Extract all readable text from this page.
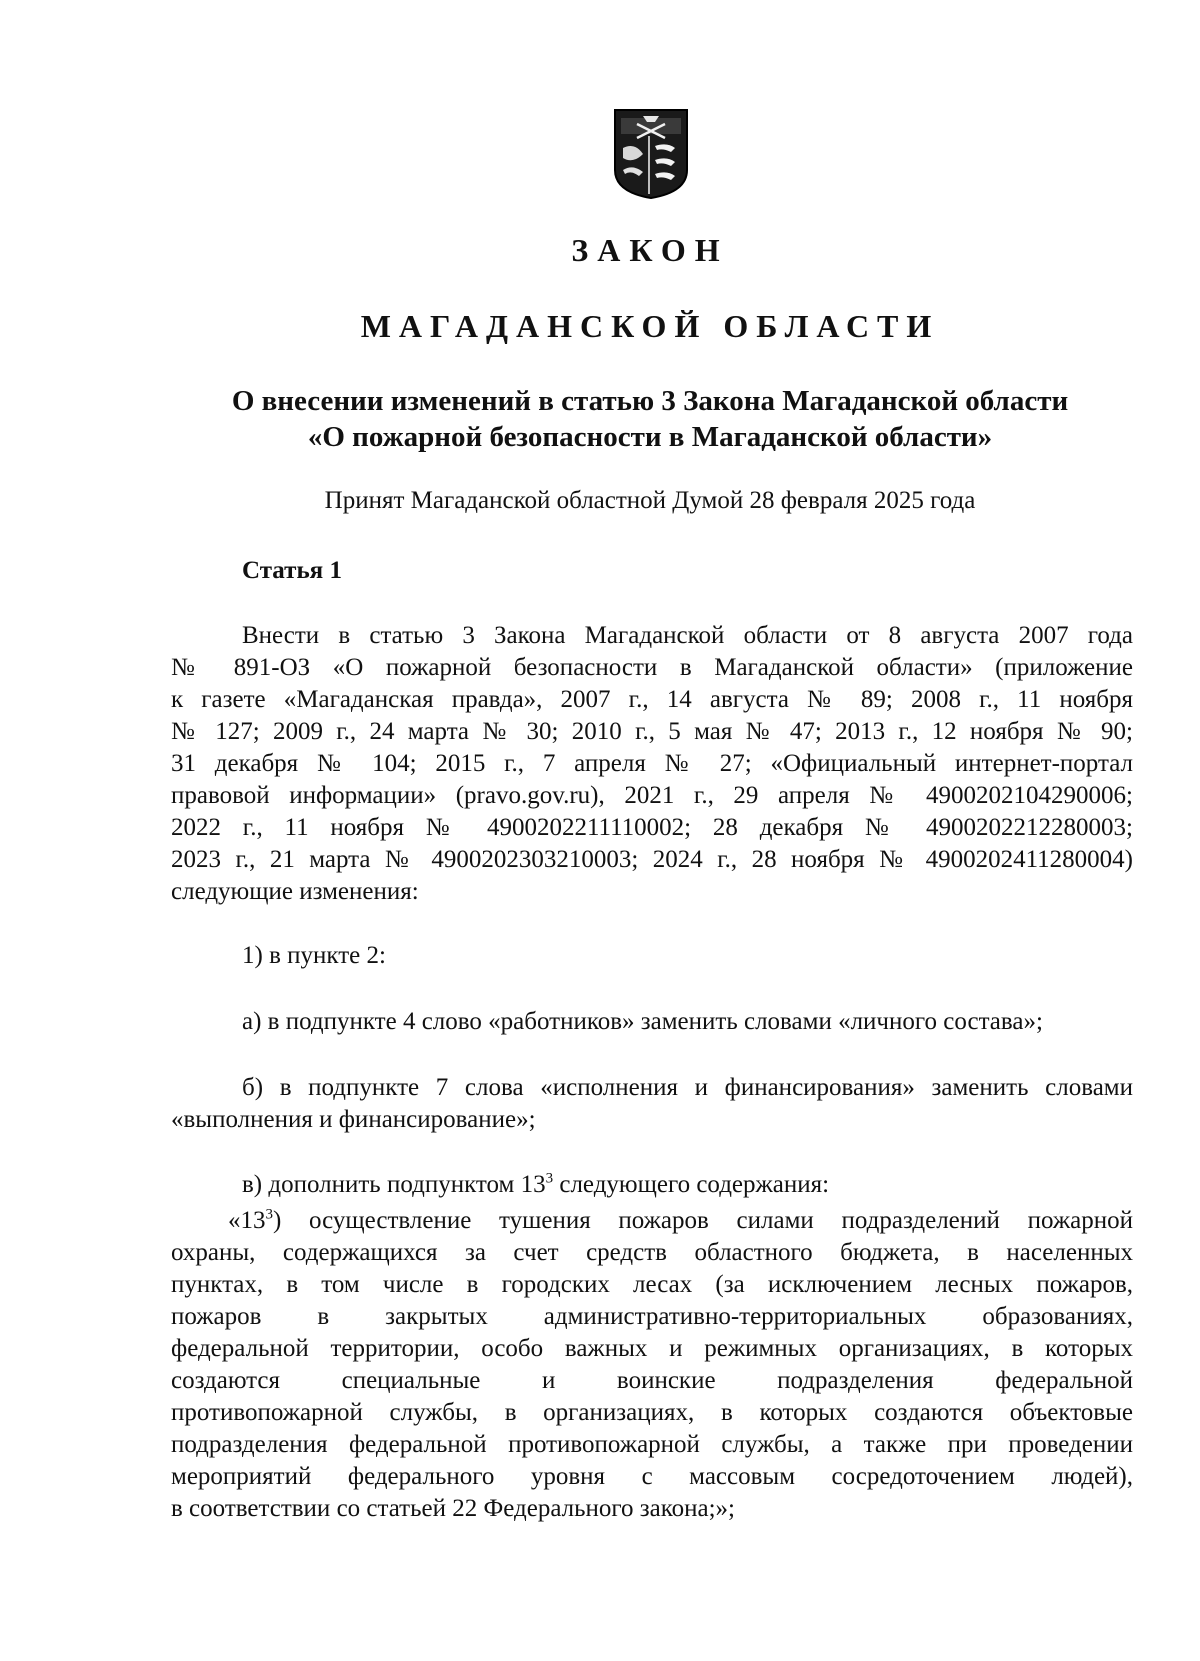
ЗАКОН
МАГАДАНСКОЙ ОБЛАСТИ
О внесении изменений в статью 3 Закона Магаданской области
«О пожарной безопасности в Магаданской области»
Принят Магаданской областной Думой 28 февраля 2025 года
Статья 1
Внести в статью 3 Закона Магаданской области от 8 августа 2007 года
№ 891-ОЗ «О пожарной безопасности в Магаданской области» (приложение
к газете «Магаданская правда», 2007 г., 14 августа № 89; 2008 г., 11 ноября
№ 127; 2009 г., 24 марта № 30; 2010 г., 5 мая № 47; 2013 г., 12 ноября № 90;
31 декабря № 104; 2015 г., 7 апреля № 27; «Официальный интернет-портал
правовой информации» (pravo.gov.ru), 2021 г., 29 апреля № 4900202104290006;
2022 г., 11 ноября № 4900202211110002; 28 декабря № 4900202212280003;
2023 г., 21 марта № 4900202303210003; 2024 г., 28 ноября № 4900202411280004)
следующие изменения:
1) в пункте 2:
а) в подпункте 4 слово «работников» заменить словами «личного состава»;
б) в подпункте 7 слова «исполнения и финансирования» заменить словами
«выполнения и финансирование»;
в) дополнить подпунктом $13^3$ следующего содержания:
«$13^3$) осуществление тушения пожаров силами подразделений пожарной
охраны, содержащихся за счет средств областного бюджета, в населенных
пунктах, в том числе в городских лесах (за исключением лесных пожаров,
пожаров в закрытых административно-территориальных образованиях,
федеральной территории, особо важных и режимных организациях, в которых
создаются специальные и воинские подразделения федеральной
противопожарной службы, в организациях, в которых создаются объектовые
подразделения федеральной противопожарной службы, а также при проведении
мероприятий федерального уровня с массовым сосредоточением людей),
в соответствии со статьей 22 Федерального закона;»;
